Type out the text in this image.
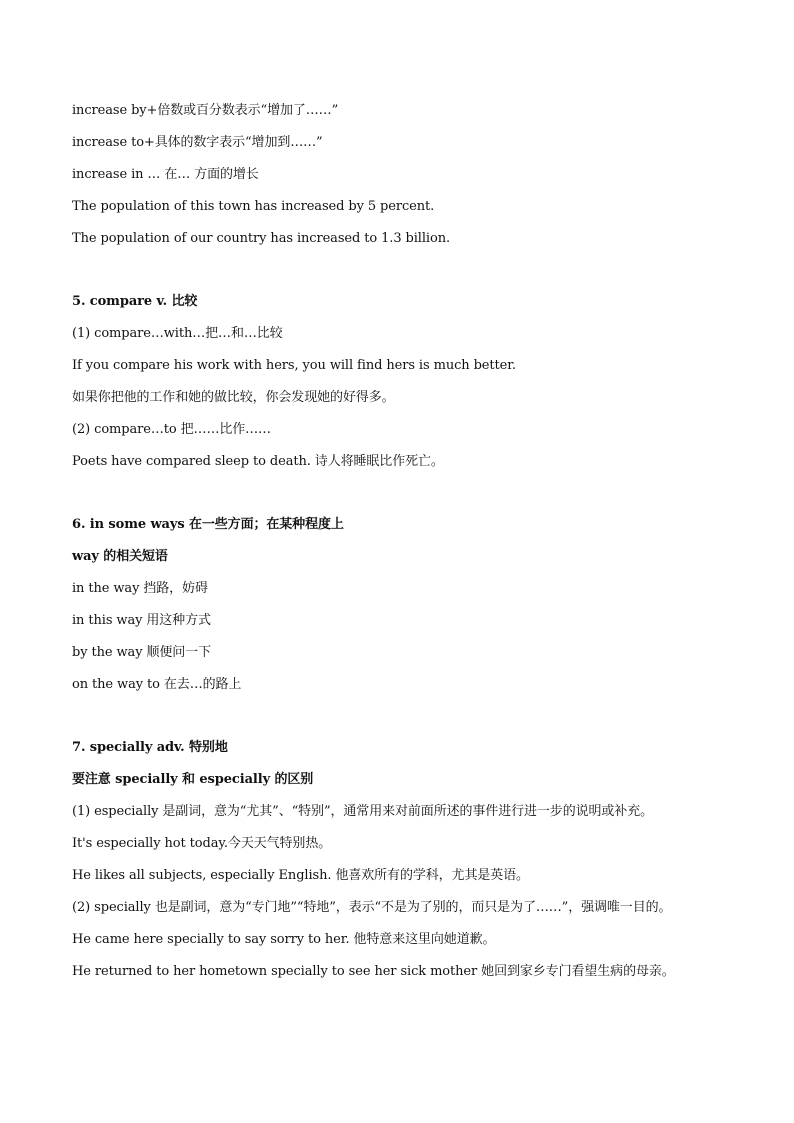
increase by+倍数或百分数表示“增加了……”
increase to+具体的数字表示“增加到……”
increase in … 在… 方面的增长
The population of this town has increased by 5 percent.
The population of our country has increased to 1.3 billion.
5. compare v. 比较
(1) compare…with…把…和…比较
If you compare his work with hers, you will find hers is much better.
如果你把他的工作和她的做比较，你会发现她的好得多。
(2) compare…to 把……比作……
Poets have compared sleep to death. 诗人将睡眠比作死亡。
6. in some ways 在一些方面；在某种程度上
way 的相关短语
in the way 挡路，妨碍
in this way 用这种方式
by the way 顺便问一下
on the way to 在去…的路上
7. specially adv. 特别地
要注意 specially 和 especially 的区别
(1) especially 是副词，意为“尤其”、“特别”，通常用来对前面所述的事件进行进一步的说明或补充。
It's especially hot today.今天天气特别热。
He likes all subjects, especially English. 他喜欢所有的学科，尤其是英语。
(2) specially 也是副词，意为“专门地”“特地”，表示“不是为了别的，而只是为了……”，强调唯一目的。
He came here specially to say sorry to her. 他特意来这里向她道歉。
He returned to her hometown specially to see her sick mother 她回到家乡专门看望生病的母亲。
